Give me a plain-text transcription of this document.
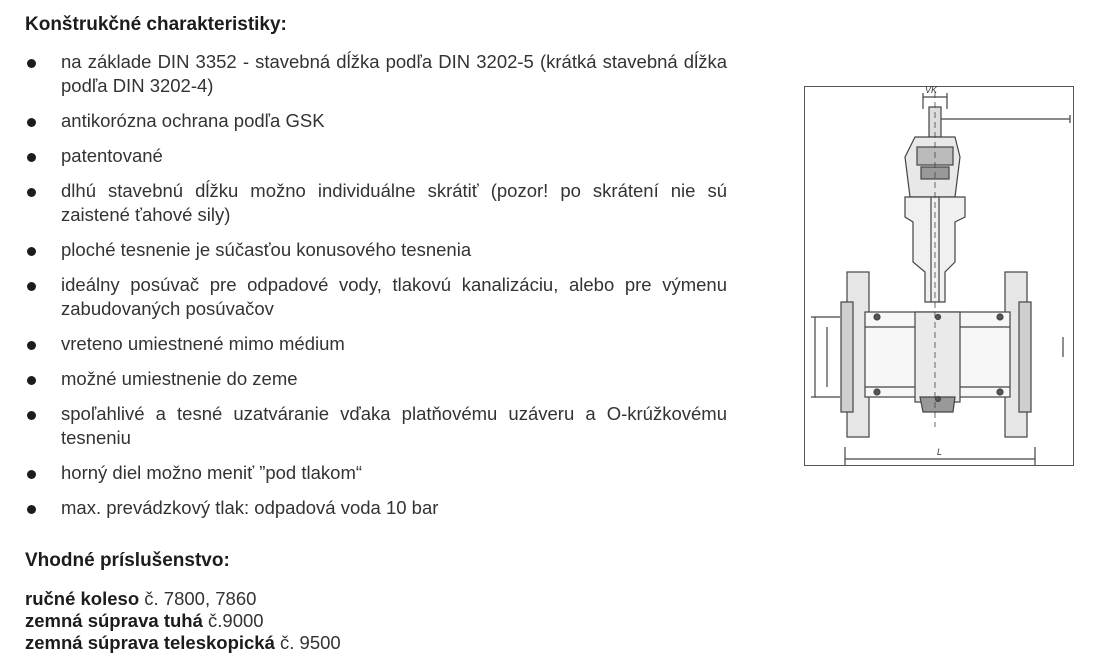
Konštrukčné charakteristiky:
na základe DIN 3352 - stavebná dĺžka podľa DIN 3202-5 (krátká stavebná dĺžka podľa DIN 3202-4)
antikorózna ochrana podľa GSK
patentované
dlhú stavebnú dĺžku možno individuálne skrátiť (pozor! po skrátení nie sú zaistené ťahové sily)
ploché tesnenie je súčasťou konusového tesnenia
ideálny posúvač pre odpadové vody, tlakovú kanalizáciu, alebo pre výmenu zabudovaných posúvačov
vreteno umiestnené mimo médium
možné umiestnenie do zeme
spoľahlivé a tesné uzatváranie vďaka platňovému uzáveru a O-krúžkovému tesneniu
horný diel možno meniť ”pod tlakom“
max. prevádzkový tlak: odpadová voda 10 bar
Vhodné príslušenstvo:
ručné koleso č. 7800, 7860
zemná súprava tuhá č.9000
zemná súprava teleskopická č. 9500
VK
L
